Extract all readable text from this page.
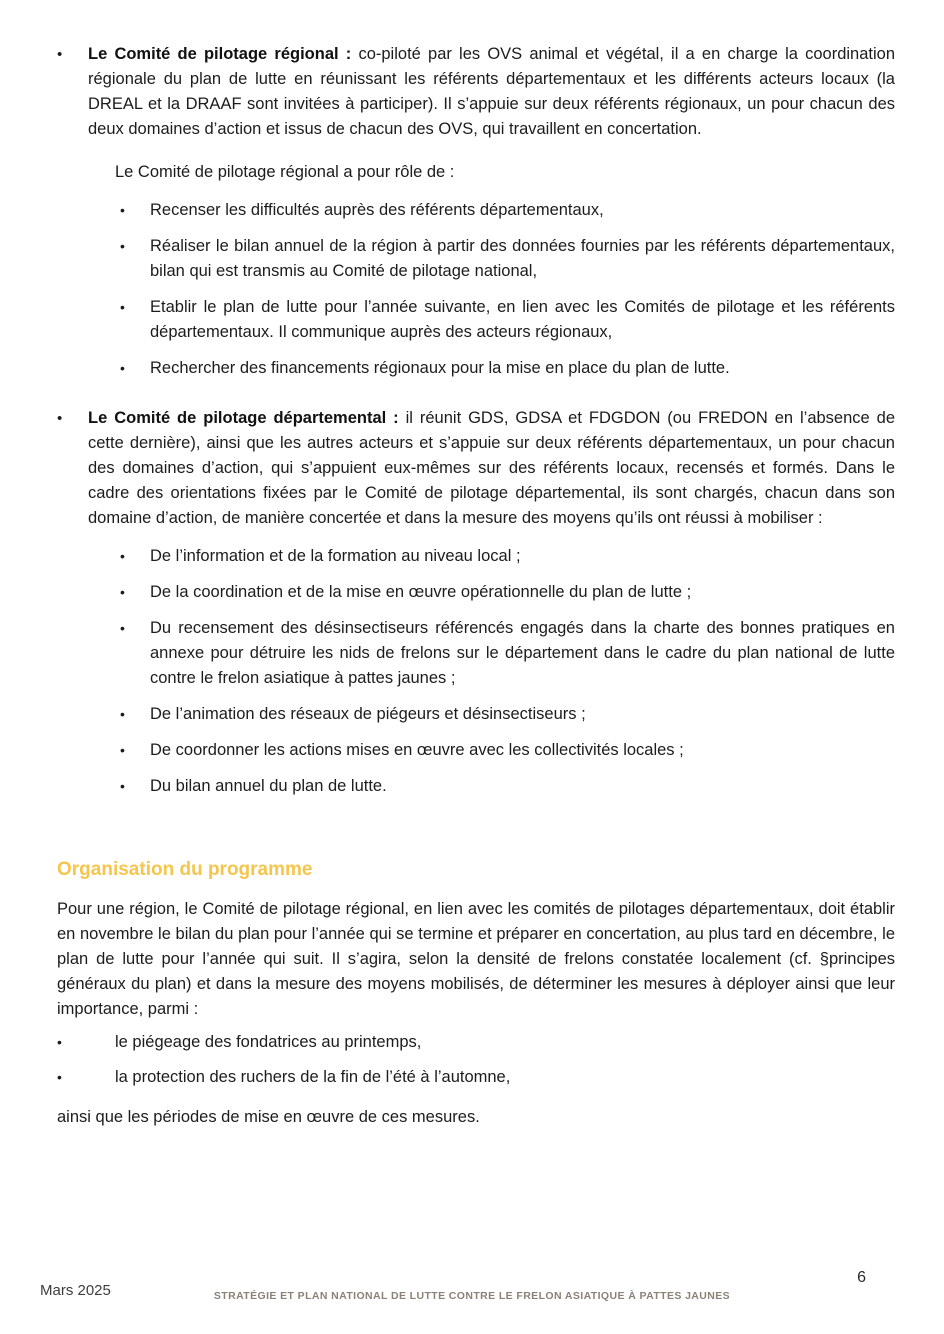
•	Le Comité de pilotage régional : co-piloté par les OVS animal et végétal, il a en charge la coordination régionale du plan de lutte en réunissant les référents départementaux et les différents acteurs locaux (la DREAL et la DRAAF sont invitées à participer). Il s’appuie sur deux référents régionaux, un pour chacun des deux domaines d’action et issus de chacun des OVS, qui travaillent en concertation.

Le Comité de pilotage régional a pour rôle de :

•	Recenser les difficultés auprès des référents départementaux,
•	Réaliser le bilan annuel de la région à partir des données fournies par les référents départementaux, bilan qui est transmis au Comité de pilotage national,
•	Etablir le plan de lutte pour l’année suivante, en lien avec les Comités de pilotage et les référents départementaux. Il communique auprès des acteurs régionaux,
•	Rechercher des financements régionaux pour la mise en place du plan de lutte.
•	Le Comité de pilotage départemental : il réunit GDS, GDSA et FDGDON (ou FREDON en l’absence de cette dernière), ainsi que les autres acteurs et s’appuie sur deux référents départementaux, un pour chacun des domaines d’action, qui s’appuient eux-mêmes sur des référents locaux, recensés et formés. Dans le cadre des orientations fixées par le Comité de pilotage départemental, ils sont chargés, chacun dans son domaine d’action, de manière concertée et dans la mesure des moyens qu’ils ont réussi à mobiliser :

•	De l’information et de la formation au niveau local ;
•	De la coordination et de la mise en œuvre opérationnelle du plan de lutte ;
•	Du recensement des désinsectiseurs référencés engagés dans la charte des bonnes pratiques en annexe pour détruire les nids de frelons sur le département dans le cadre du plan national de lutte contre le frelon asiatique à pattes jaunes ;
•	De l’animation des réseaux de piégeurs et désinsectiseurs ;
•	De coordonner les actions mises en œuvre avec les collectivités locales ;
•	Du bilan annuel du plan de lutte.
Organisation du programme

Pour une région, le Comité de pilotage régional, en lien avec les comités de pilotages départementaux, doit établir en novembre le bilan du plan pour l’année qui se termine et préparer en concertation, au plus tard en décembre, le plan de lutte pour l’année qui suit. Il s’agira, selon la densité de frelons constatée localement (cf. §principes généraux du plan) et dans la mesure des moyens mobilisés, de déterminer les mesures à déployer ainsi que leur importance, parmi :

•	le piégeage des fondatrices au printemps,
•	la protection des ruchers de la fin de l’été à l’automne,

ainsi que les périodes de mise en œuvre de ces mesures.

Mars 2025	STRATÉGIE ET PLAN NATIONAL DE LUTTE CONTRE LE FRELON ASIATIQUE À PATTES JAUNES
6
